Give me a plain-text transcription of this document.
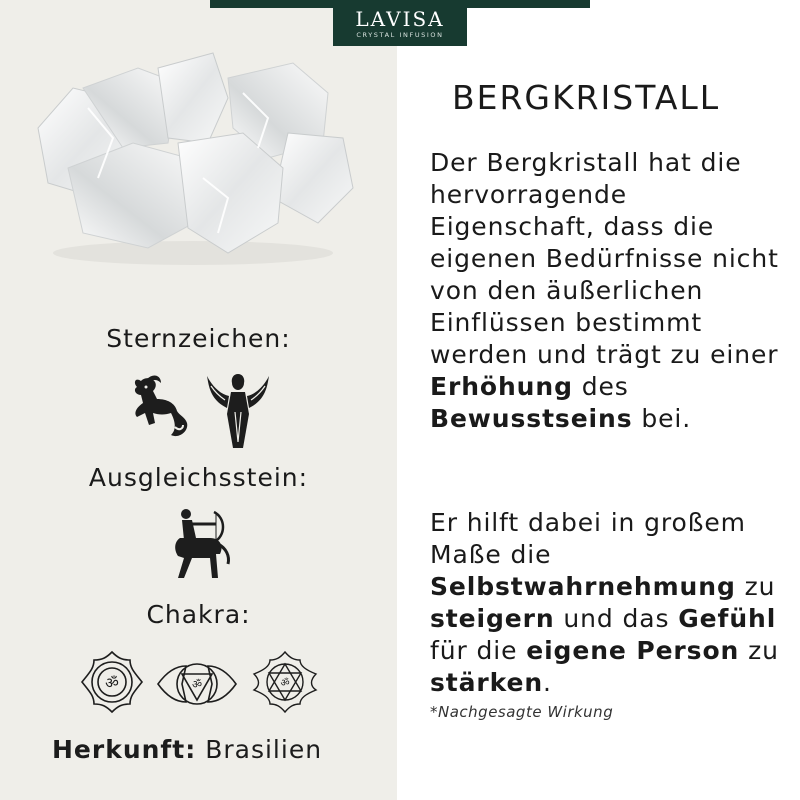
LAVISA
CRYSTAL INFUSION
Sternzeichen:
Ausgleichsstein:
Chakra:
ॐ	ॐ	ॐ
Herkunft: Brasilien
BERGKRISTALL
Der Bergkristall hat die hervorragende Eigenschaft, dass die eigenen Bedürfnisse nicht von den äußerlichen Einflüssen bestimmt werden und trägt zu einer Erhöhung des Bewusstseins bei.
Er hilft dabei in großem Maße die Selbstwahrnehmung zu steigern und das Gefühl für die eigene Person zu stärken.
*Nachgesagte Wirkung
